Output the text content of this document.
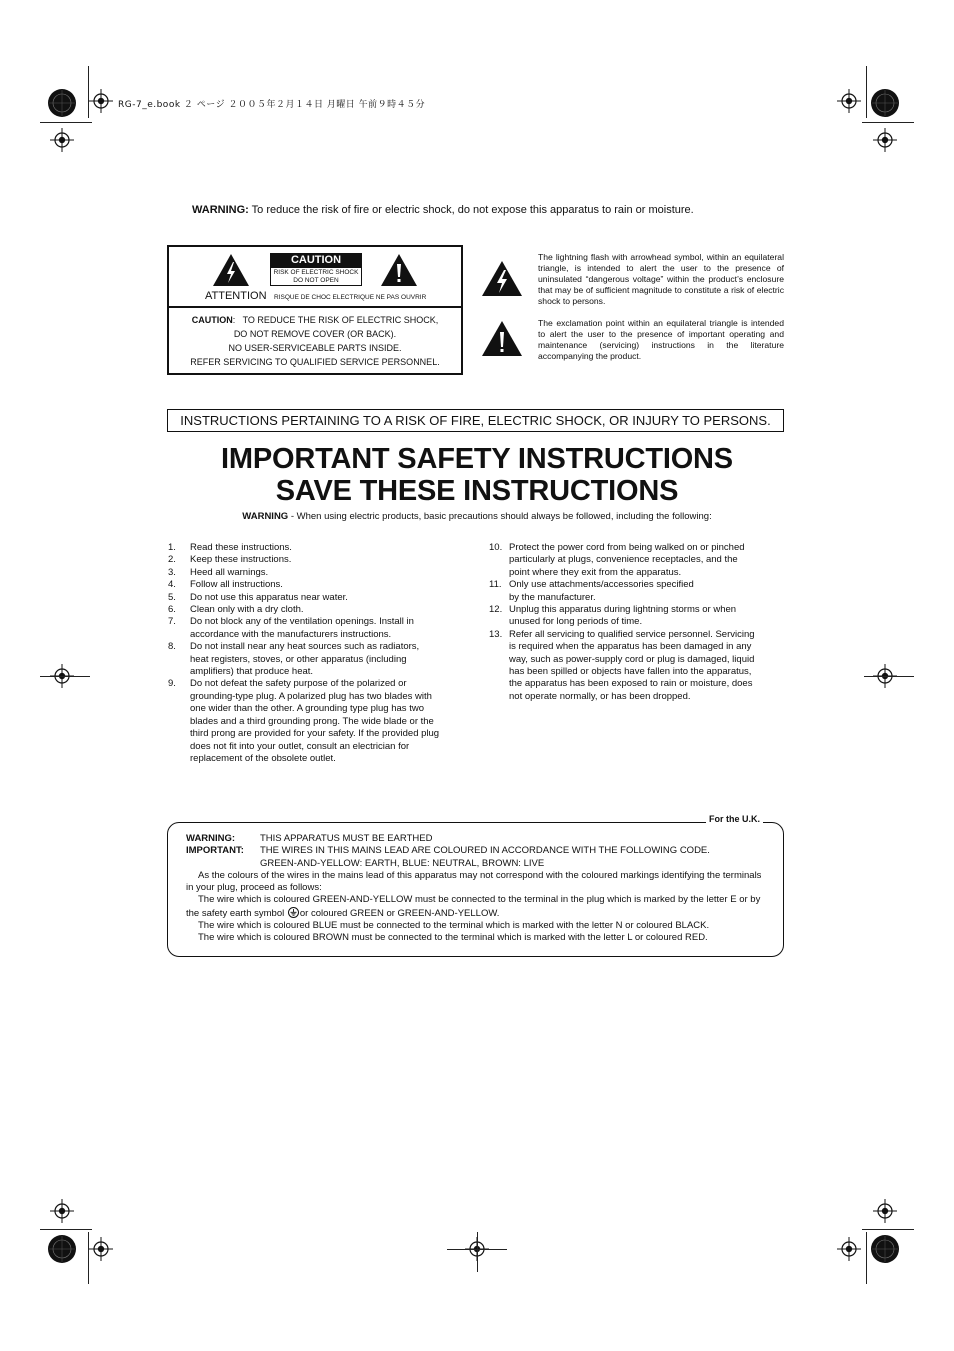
RG-7_e.book ２ ページ ２００５年２月１４日 月曜日 午前９時４５分
WARNING: To reduce the risk of fire or electric shock, do not expose this apparatus to rain or moisture.
CAUTION
RISK OF ELECTRIC SHOCK
DO NOT OPEN
ATTENTION RISQUE DE CHOC ELECTRIQUE NE PAS OUVRIR
CAUTION: TO REDUCE THE RISK OF ELECTRIC SHOCK,
DO NOT REMOVE COVER (OR BACK).
NO USER-SERVICEABLE PARTS INSIDE.
REFER SERVICING TO QUALIFIED SERVICE PERSONNEL.
The lightning flash with arrowhead symbol, within an equilateral triangle, is intended to alert the user to the presence of uninsulated “dangerous voltage” within the product’s enclosure that may be of sufficient magnitude to constitute a risk of electric shock to persons.
The exclamation point within an equilateral triangle is intended to alert the user to the presence of important operating and maintenance (servicing) instructions in the literature accompanying the product.
INSTRUCTIONS PERTAINING TO A RISK OF FIRE, ELECTRIC SHOCK, OR INJURY TO PERSONS.
IMPORTANT SAFETY INSTRUCTIONS
SAVE THESE INSTRUCTIONS
WARNING - When using electric products, basic precautions should always be followed, including the following:
1. Read these instructions.
2. Keep these instructions.
3. Heed all warnings.
4. Follow all instructions.
5. Do not use this apparatus near water.
6. Clean only with a dry cloth.
7. Do not block any of the ventilation openings. Install in
accordance with the manufacturers instructions.
8. Do not install near any heat sources such as radiators,
heat registers, stoves, or other apparatus (including
amplifiers) that produce heat.
9. Do not defeat the safety purpose of the polarized or
grounding-type plug. A polarized plug has two blades with
one wider than the other. A grounding type plug has two
blades and a third grounding prong. The wide blade or the
third prong are provided for your safety. If the provided plug
does not fit into your outlet, consult an electrician for
replacement of the obsolete outlet.
10. Protect the power cord from being walked on or pinched
particularly at plugs, convenience receptacles, and the
point where they exit from the apparatus.
11. Only use attachments/accessories specified
by the manufacturer.
12. Unplug this apparatus during lightning storms or when
unused for long periods of time.
13. Refer all servicing to qualified service personnel. Servicing
is required when the apparatus has been damaged in any
way, such as power-supply cord or plug is damaged, liquid
has been spilled or objects have fallen into the apparatus,
the apparatus has been exposed to rain or moisture, does
not operate normally, or has been dropped.
For the U.K.
WARNING:	THIS APPARATUS MUST BE EARTHED
IMPORTANT:	THE WIRES IN THIS MAINS LEAD ARE COLOURED IN ACCORDANCE WITH THE FOLLOWING CODE.
GREEN-AND-YELLOW: EARTH, BLUE: NEUTRAL, BROWN: LIVE
As the colours of the wires in the mains lead of this apparatus may not correspond with the coloured markings identifying the terminals in your plug, proceed as follows:
The wire which is coloured GREEN-AND-YELLOW must be connected to the terminal in the plug which is marked by the letter E or by the safety earth symbol or coloured GREEN or GREEN-AND-YELLOW.
The wire which is coloured BLUE must be connected to the terminal which is marked with the letter N or coloured BLACK.
The wire which is coloured BROWN must be connected to the terminal which is marked with the letter L or coloured RED.
